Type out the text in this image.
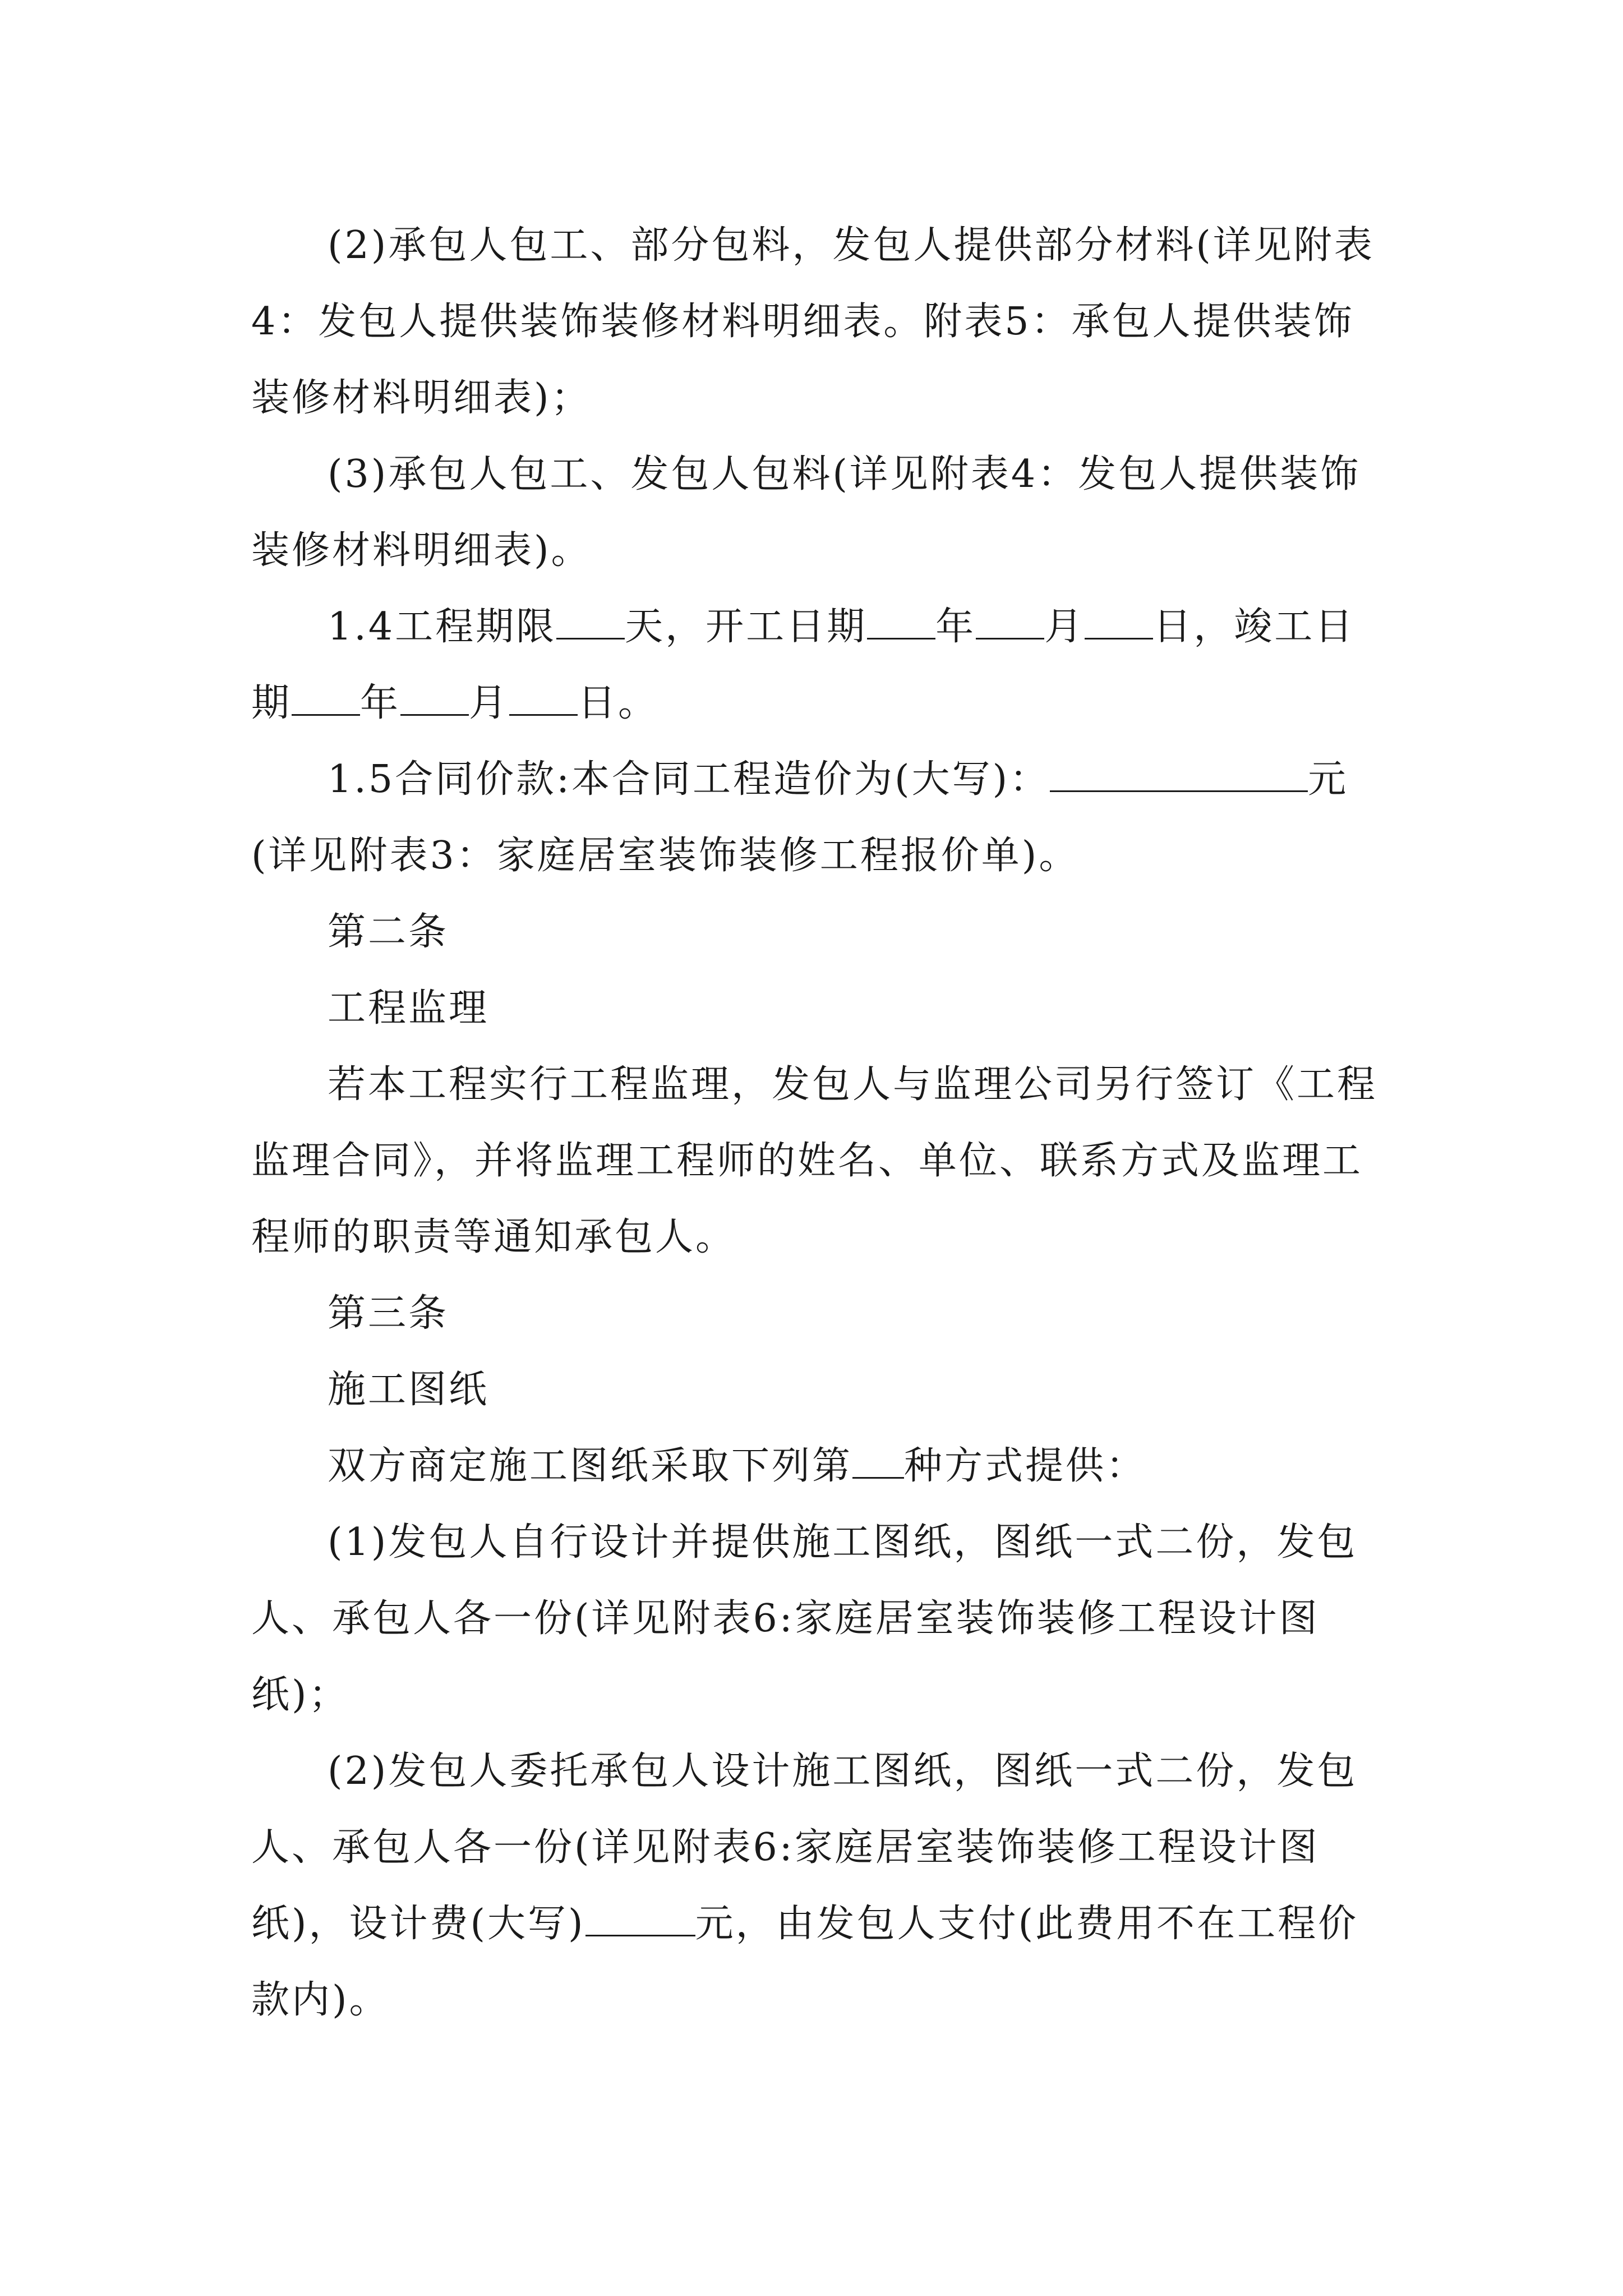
(2)承包人包工、部分包料，发包人提供部分材料(详见附表4：发包人提供装饰装修材料明细表。附表5：承包人提供装饰装修材料明细表)；

(3)承包人包工、发包人包料(详见附表4：发包人提供装饰装修材料明细表)。

1.4工程期限 天，开工日期 年 月 日，竣工日期 年 月 日。

1.5合同价款:本合同工程造价为(大写)：	元(详见附表3：家庭居室装饰装修工程报价单)。

第二条

工程监理

若本工程实行工程监理，发包人与监理公司另行签订《工程监理合同》，并将监理工程师的姓名、单位、联系方式及监理工程师的职责等通知承包人。

第三条

施工图纸

双方商定施工图纸采取下列第 种方式提供：

(1)发包人自行设计并提供施工图纸，图纸一式二份，发包人、承包人各一份(详见附表6:家庭居室装饰装修工程设计图纸)；

(2)发包人委托承包人设计施工图纸，图纸一式二份，发包人、承包人各一份(详见附表6:家庭居室装饰装修工程设计图纸)，设计费(大写)	元，由发包人支付(此费用不在工程价款内)。
